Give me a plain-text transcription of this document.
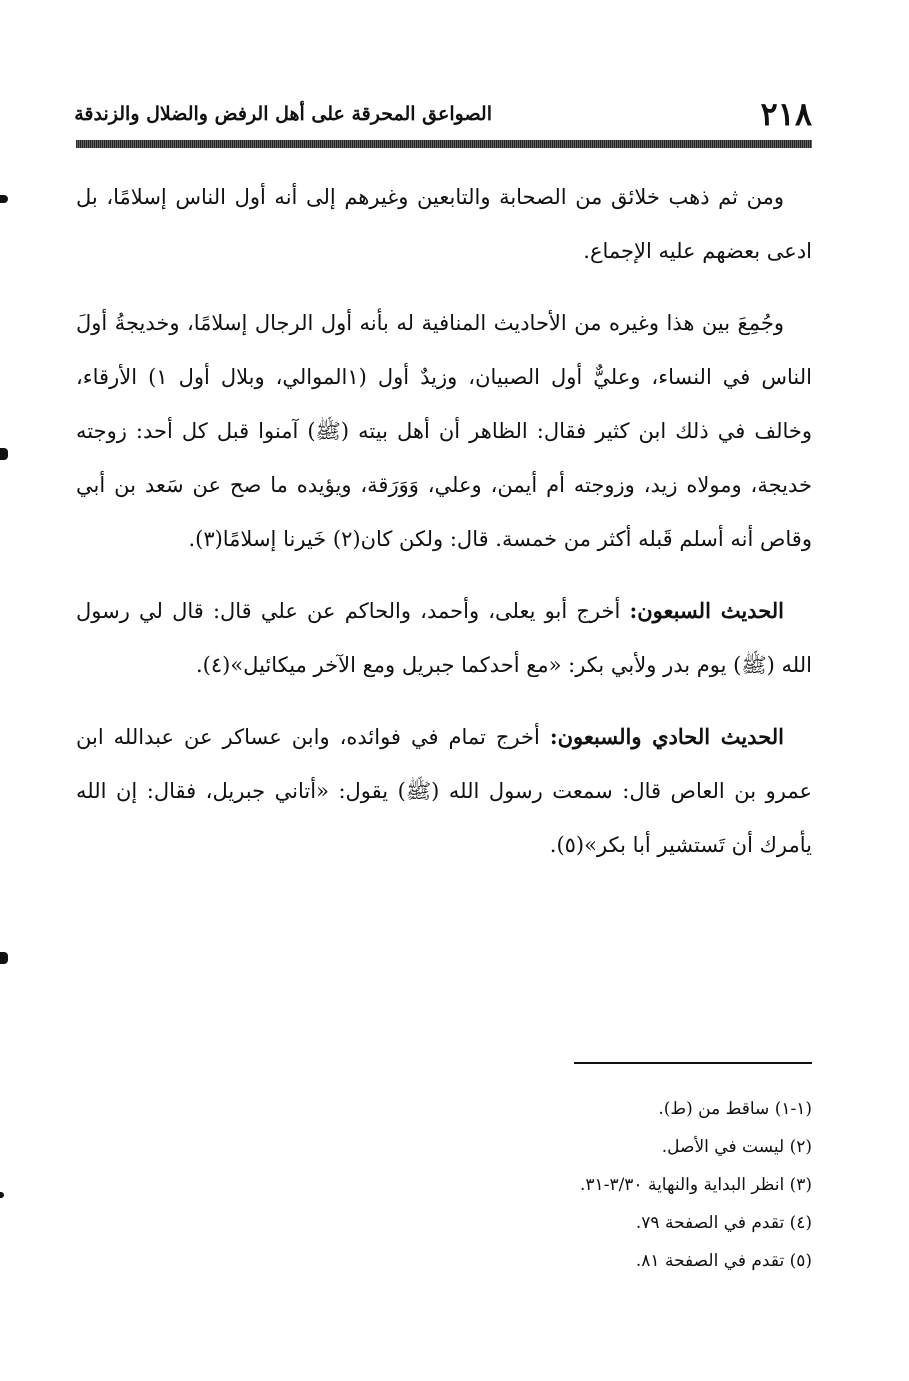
٢١٨
الصواعق المحرقة على أهل الرفض والضلال والزندقة

ومن ثم ذهب خلائق من الصحابة والتابعين وغيرهم إلى أنه أول الناس إسلامًا، بل ادعى بعضهم عليه الإجماع.

وجُمِعَ بين هذا وغيره من الأحاديث المنافية له بأنه أول الرجال إسلامًا، وخديجةُ أولَ الناس في النساء، وعليٌّ أول الصبيان، وزيدٌ أول (١الموالي، وبلال أول ١) الأرقاء، وخالف في ذلك ابن كثير فقال: الظاهر أن أهل بيته (ﷺ) آمنوا قبل كل أحد: زوجته خديجة، ومولاه زيد، وزوجته أم أيمن، وعلي، وَوَرَقة، ويؤيده ما صح عن سَعد بن أبي وقاص أنه أسلم قَبله أكثر من خمسة. قال: ولكن كان(٢) خَيرنا إسلامًا(٣).

الحديث السبعون: أخرج أبو يعلى، وأحمد، والحاكم عن علي قال: قال لي رسول الله (ﷺ) يوم بدر ولأبي بكر: «مع أحدكما جبريل ومع الآخر ميكائيل»(٤).

الحديث الحادي والسبعون: أخرج تمام في فوائده، وابن عساكر عن عبدالله ابن عمرو بن العاص قال: سمعت رسول الله (ﷺ) يقول: «أتاني جبريل، فقال: إن الله يأمرك أن تَستشير أبا بكر»(٥).

(١-١) ساقط من (ط).
(٢) ليست في الأصل.
(٣) انظر البداية والنهاية ٣/٣٠-٣١.
(٤) تقدم في الصفحة ٧٩.
(٥) تقدم في الصفحة ٨١.
